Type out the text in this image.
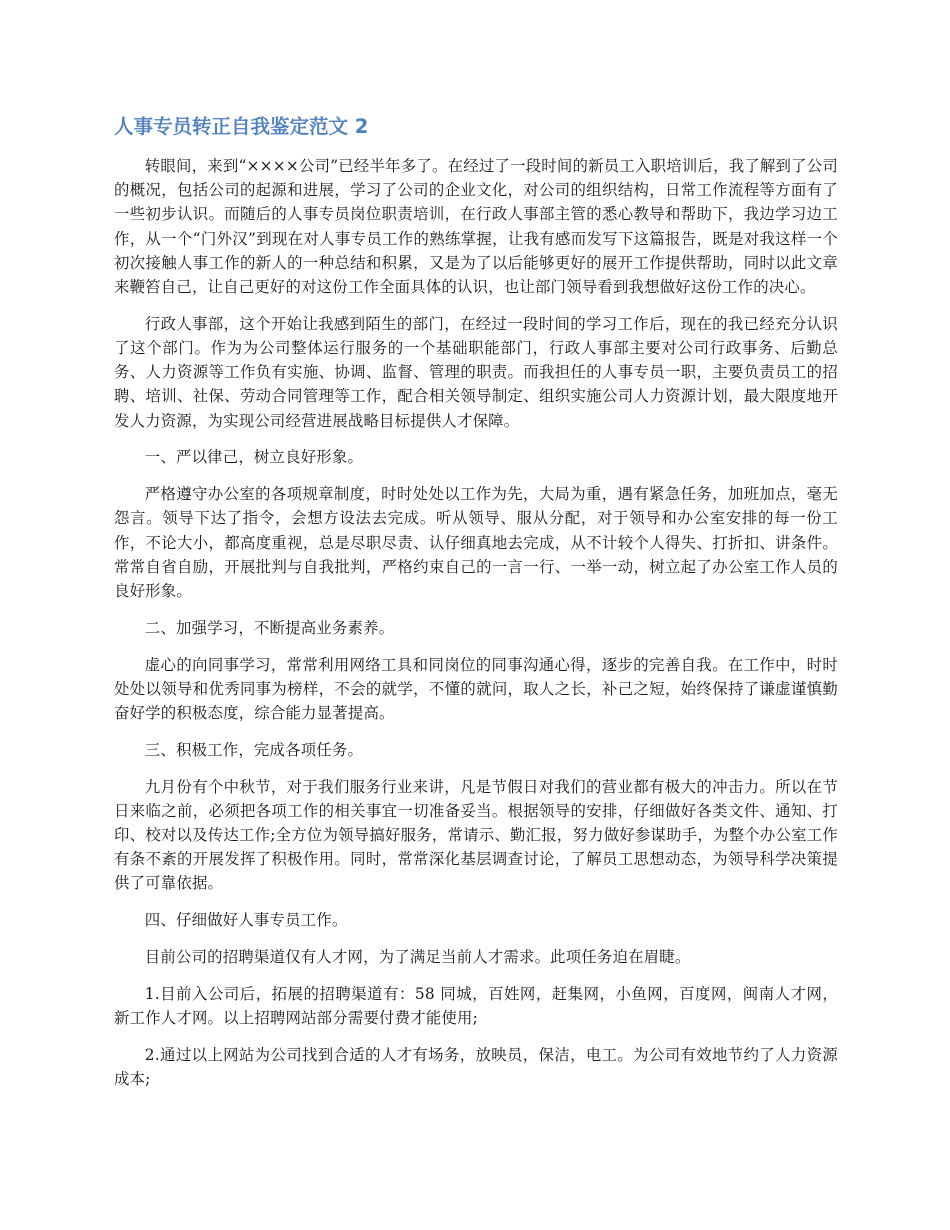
人事专员转正自我鉴定范文 2

转眼间，来到“××××公司”已经半年多了。在经过了一段时间的新员工入职培训后，我了解到了公司的概况，包括公司的起源和进展，学习了公司的企业文化，对公司的组织结构，日常工作流程等方面有了一些初步认识。而随后的人事专员岗位职责培训，在行政人事部主管的悉心教导和帮助下，我边学习边工作，从一个“门外汉”到现在对人事专员工作的熟练掌握，让我有感而发写下这篇报告，既是对我这样一个初次接触人事工作的新人的一种总结和积累，又是为了以后能够更好的展开工作提供帮助，同时以此文章来鞭笞自己，让自己更好的对这份工作全面具体的认识，也让部门领导看到我想做好这份工作的决心。

行政人事部，这个开始让我感到陌生的部门，在经过一段时间的学习工作后，现在的我已经充分认识了这个部门。作为为公司整体运行服务的一个基础职能部门，行政人事部主要对公司行政事务、后勤总务、人力资源等工作负有实施、协调、监督、管理的职责。而我担任的人事专员一职，主要负责员工的招聘、培训、社保、劳动合同管理等工作，配合相关领导制定、组织实施公司人力资源计划，最大限度地开发人力资源，为实现公司经营进展战略目标提供人才保障。

一、严以律己，树立良好形象。

严格遵守办公室的各项规章制度，时时处处以工作为先，大局为重，遇有紧急任务，加班加点，毫无怨言。领导下达了指令，会想方设法去完成。听从领导、服从分配，对于领导和办公室安排的每一份工作，不论大小，都高度重视，总是尽职尽责、认仔细真地去完成，从不计较个人得失、打折扣、讲条件。常常自省自励，开展批判与自我批判，严格约束自己的一言一行、一举一动，树立起了办公室工作人员的良好形象。

二、加强学习，不断提高业务素养。

虚心的向同事学习，常常利用网络工具和同岗位的同事沟通心得，逐步的完善自我。在工作中，时时处处以领导和优秀同事为榜样，不会的就学，不懂的就问，取人之长，补己之短，始终保持了谦虚谨慎勤奋好学的积极态度，综合能力显著提高。

三、积极工作，完成各项任务。

九月份有个中秋节，对于我们服务行业来讲，凡是节假日对我们的营业都有极大的冲击力。所以在节日来临之前，必须把各项工作的相关事宜一切准备妥当。根据领导的安排，仔细做好各类文件、通知、打印、校对以及传达工作;全方位为领导搞好服务，常请示、勤汇报，努力做好参谋助手，为整个办公室工作有条不紊的开展发挥了积极作用。同时，常常深化基层调查讨论，了解员工思想动态，为领导科学决策提供了可靠依据。

四、仔细做好人事专员工作。

目前公司的招聘渠道仅有人才网，为了满足当前人才需求。此项任务迫在眉睫。

1.目前入公司后，拓展的招聘渠道有：58 同城，百姓网，赶集网，小鱼网，百度网，闽南人才网，新工作人才网。以上招聘网站部分需要付费才能使用;

2.通过以上网站为公司找到合适的人才有场务，放映员，保洁，电工。为公司有效地节约了人力资源成本;
